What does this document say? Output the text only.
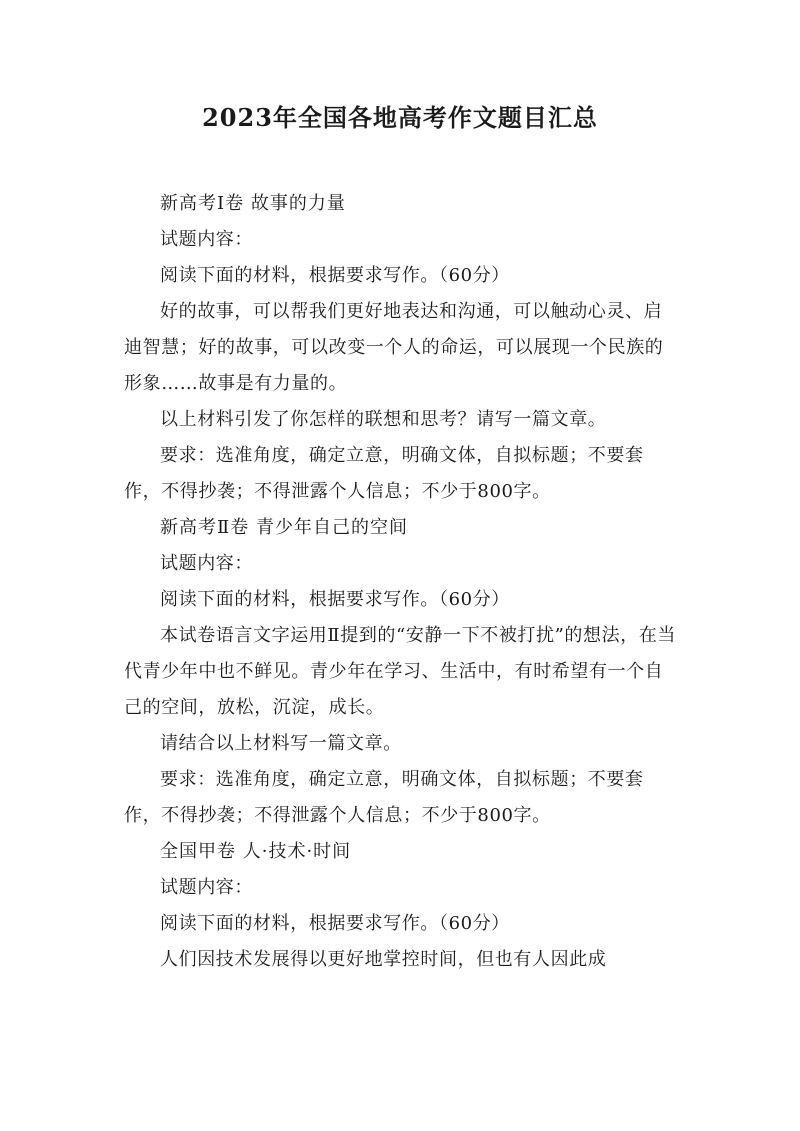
2023年全国各地高考作文题目汇总

新高考Ⅰ卷 故事的力量

试题内容：

阅读下面的材料，根据要求写作。（60分）

好的故事，可以帮我们更好地表达和沟通，可以触动心灵、启迪智慧；好的故事，可以改变一个人的命运，可以展现一个民族的形象……故事是有力量的。

以上材料引发了你怎样的联想和思考？请写一篇文章。

要求：选准角度，确定立意，明确文体，自拟标题；不要套作，不得抄袭；不得泄露个人信息；不少于800字。

新高考Ⅱ卷 青少年自己的空间

试题内容：

阅读下面的材料，根据要求写作。（60分）

本试卷语言文字运用Ⅱ提到的“安静一下不被打扰”的想法，在当代青少年中也不鲜见。青少年在学习、生活中，有时希望有一个自己的空间，放松，沉淀，成长。

请结合以上材料写一篇文章。

要求：选准角度，确定立意，明确文体，自拟标题；不要套作，不得抄袭；不得泄露个人信息；不少于800字。

全国甲卷 人·技术·时间

试题内容：

阅读下面的材料，根据要求写作。（60分）

人们因技术发展得以更好地掌控时间，但也有人因此成
